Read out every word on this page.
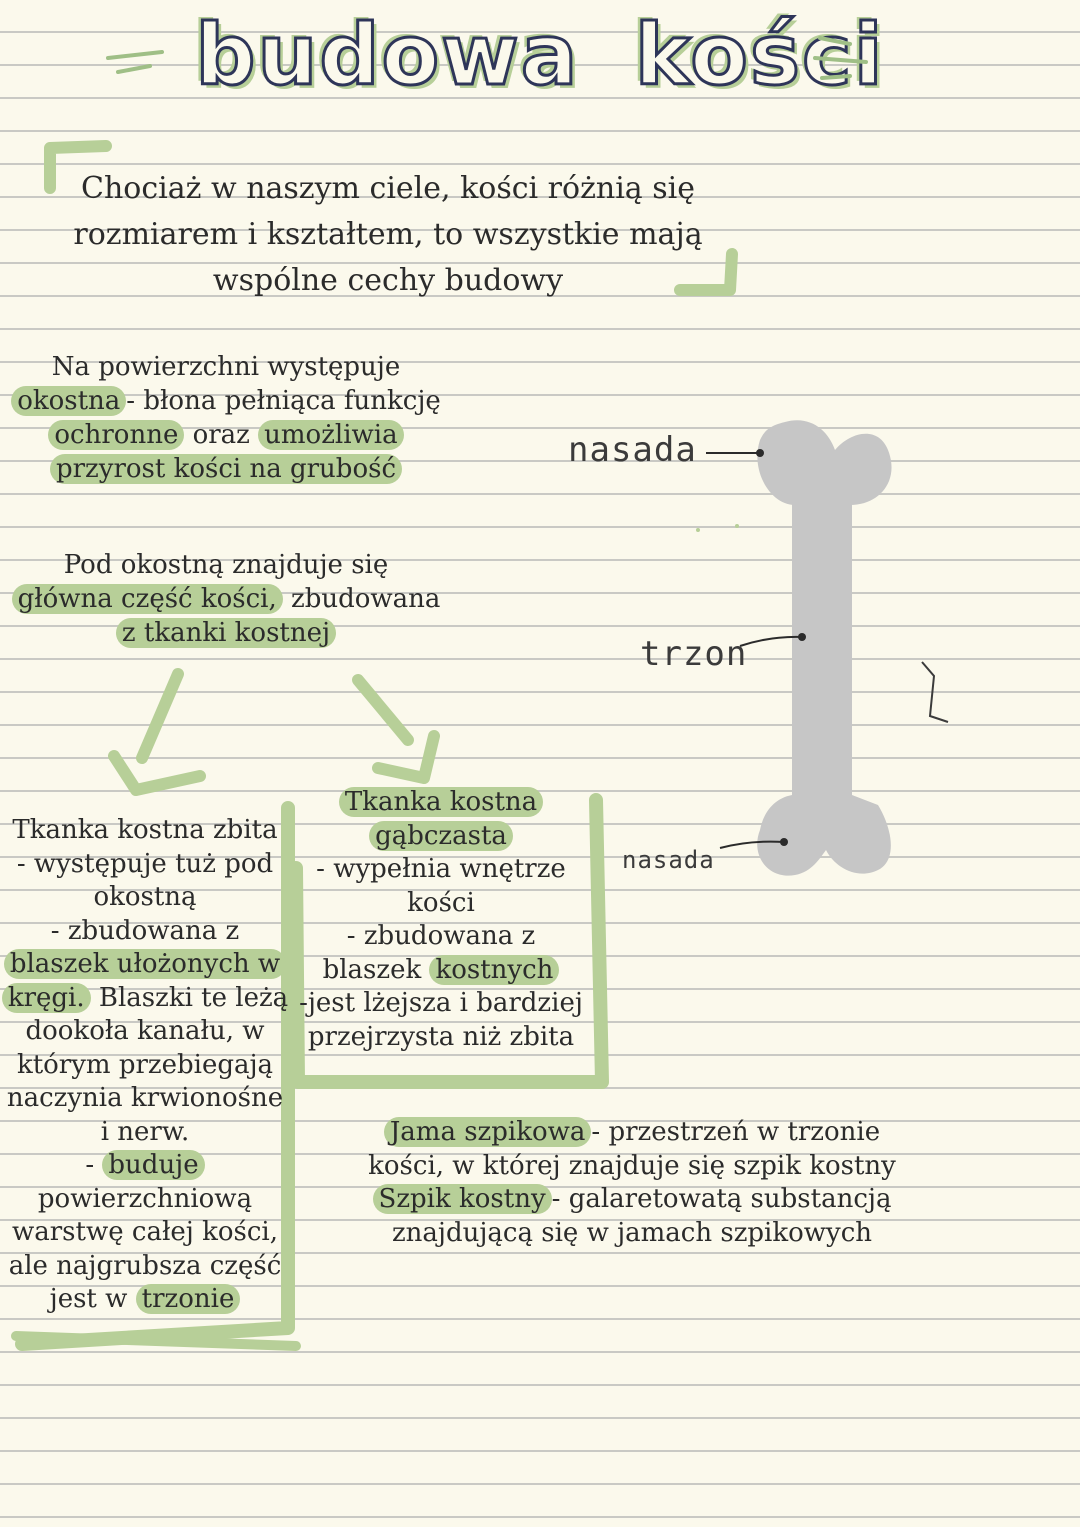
budowa kości
nasada
trzon
nasada
Chociaż w naszym ciele, kości różnią się
rozmiarem i kształtem, to wszystkie mają
wspólne cechy budowy
Na powierzchni występuje
okostna - błona pełniąca funkcję
ochronne oraz umożliwia
przyrost kości na grubość
Pod okostną znajduje się
główna część kości, zbudowana
z tkanki kostnej
Tkanka kostna zbita
- występuje tuż pod okostną
- zbudowana z blaszek ułożonych w kręgi. Blaszki te leżą dookoła kanału, w którym przebiegają naczynia krwionośne i nerw.
- buduje powierzchniową warstwę całej kości, ale najgrubsza część jest w trzonie
Tkanka kostna gąbczasta
- wypełnia wnętrze kości
- zbudowana z blaszek kostnych
-jest lżejsza i bardziej przejrzysta niż zbita
Jama szpikowa - przestrzeń w trzonie kości, w której znajduje się szpik kostny
Szpik kostny - galaretowatą substancją znajdującą się w jamach szpikowych
